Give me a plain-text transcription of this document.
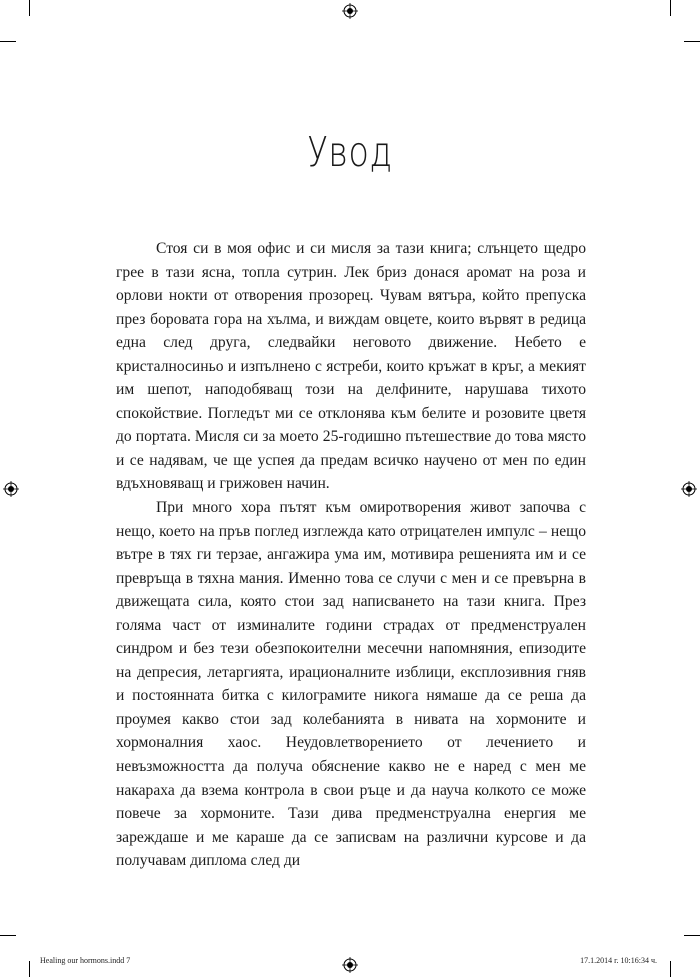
Увод

Стоя си в моя офис и си мисля за тази книга; слънцето щедро грее в тази ясна, топла сутрин. Лек бриз донася аромат на роза и орлови нокти от отворения прозорец. Чувам вятъра, който препуска през боровата гора на хълма, и виждам овцете, които вървят в редица една след друга, следвайки неговото движение. Небето е кристалносиньо и изпълнено с ястреби, които кръжат в кръг, а мекият им шепот, наподобяващ този на делфините, нарушава тихото спокойствие. Погледът ми се отклонява към белите и розовите цветя до портата. Мисля си за моето 25-годишно пътешествие до това място и се надявам, че ще успея да предам всичко научено от мен по един вдъхновяващ и грижовен начин.

При много хора пътят към омиротворения живот започва с нещо, което на пръв поглед изглежда като отрицателен импулс – нещо вътре в тях ги терзае, ангажира ума им, мотивира решенията им и се превръща в тяхна мания. Именно това се случи с мен и се превърна в движещата сила, която стои зад написването на тази книга. През голяма част от изминалите години страдах от предменструален синдром и без тези обезпокоителни месечни напомняния, епизодите на депресия, летаргията, ирационалните изблици, експлозивния гняв и постоянната битка с килограмите никога нямаше да се реша да проумея какво стои зад колебанията в нивата на хормоните и хормоналния хаос. Неудовлетворението от лечението и невъзможността да получа обяснение какво не е наред с мен ме накараха да взема контрола в свои ръце и да науча колкото се може повече за хормоните. Тази дива предменструална енергия ме зареждаше и ме караше да се записвам на различни курсове и да получавам диплома след ди

Healing our hormons.indd 7	17.1.2014 г. 10:16:34 ч.
